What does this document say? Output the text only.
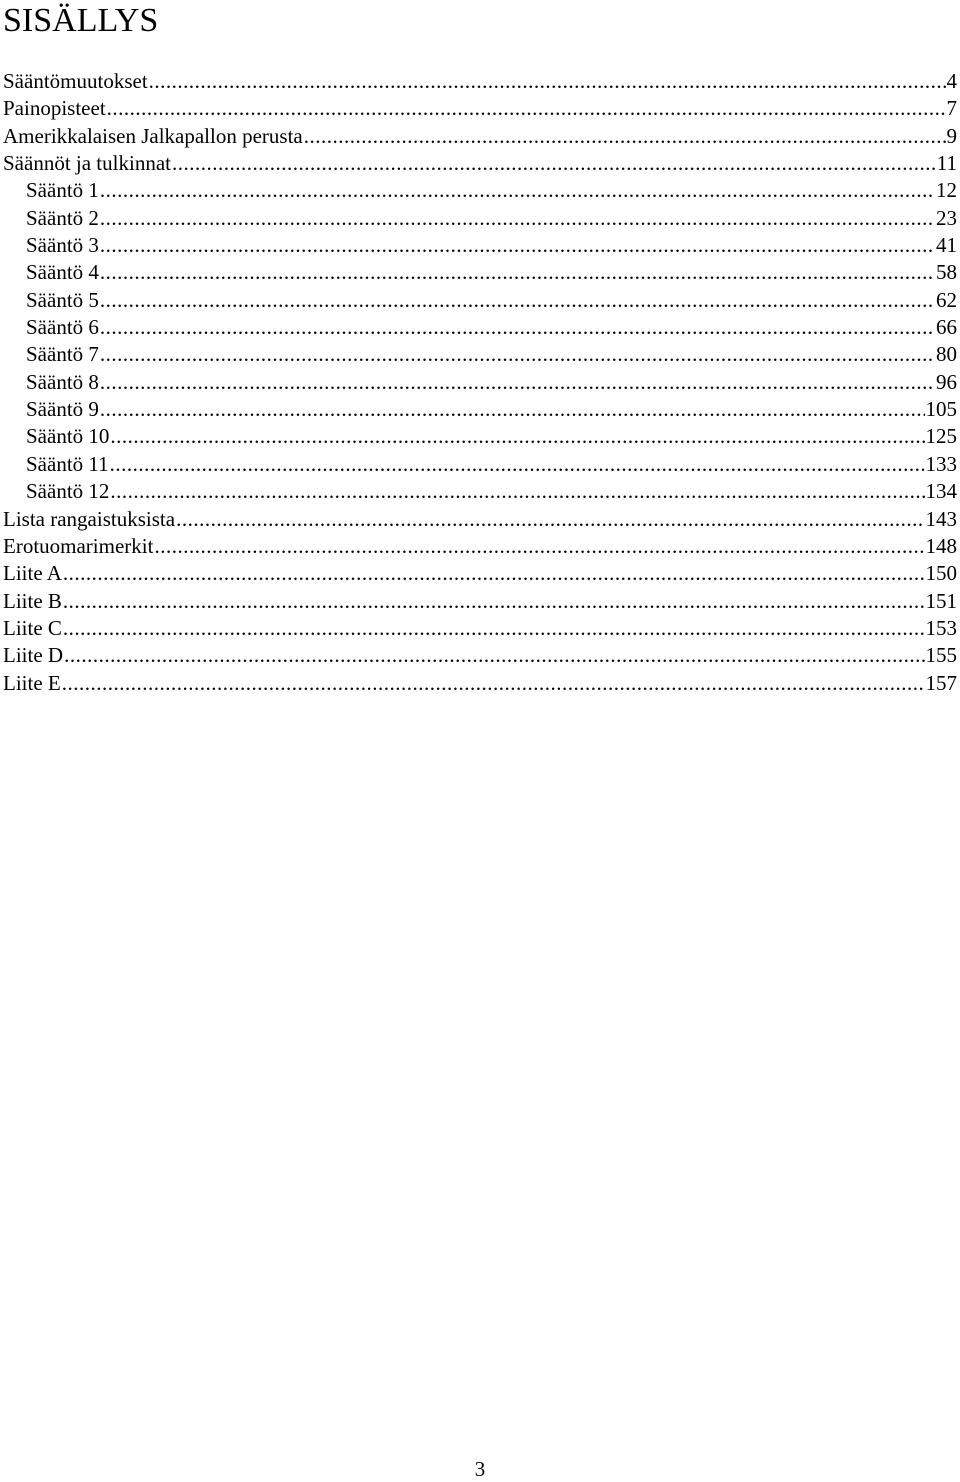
SISÄLLYS
Sääntömuutokset .....	4
Painopisteet .....	7
Amerikkalaisen Jalkapallon perusta .....	9
Säännöt ja tulkinnat .....	11
Sääntö 1 .....	12
Sääntö 2 .....	23
Sääntö 3 .....	41
Sääntö 4 .....	58
Sääntö 5 .....	62
Sääntö 6 .....	66
Sääntö 7 .....	80
Sääntö 8 .....	96
Sääntö 9 .....	105
Sääntö 10 .....	125
Sääntö 11 .....	133
Sääntö 12 .....	134
Lista rangaistuksista .....	143
Erotuomarimerkit .....	148
Liite A .....	150
Liite B .....	151
Liite C .....	153
Liite D .....	155
Liite E .....	157
3
